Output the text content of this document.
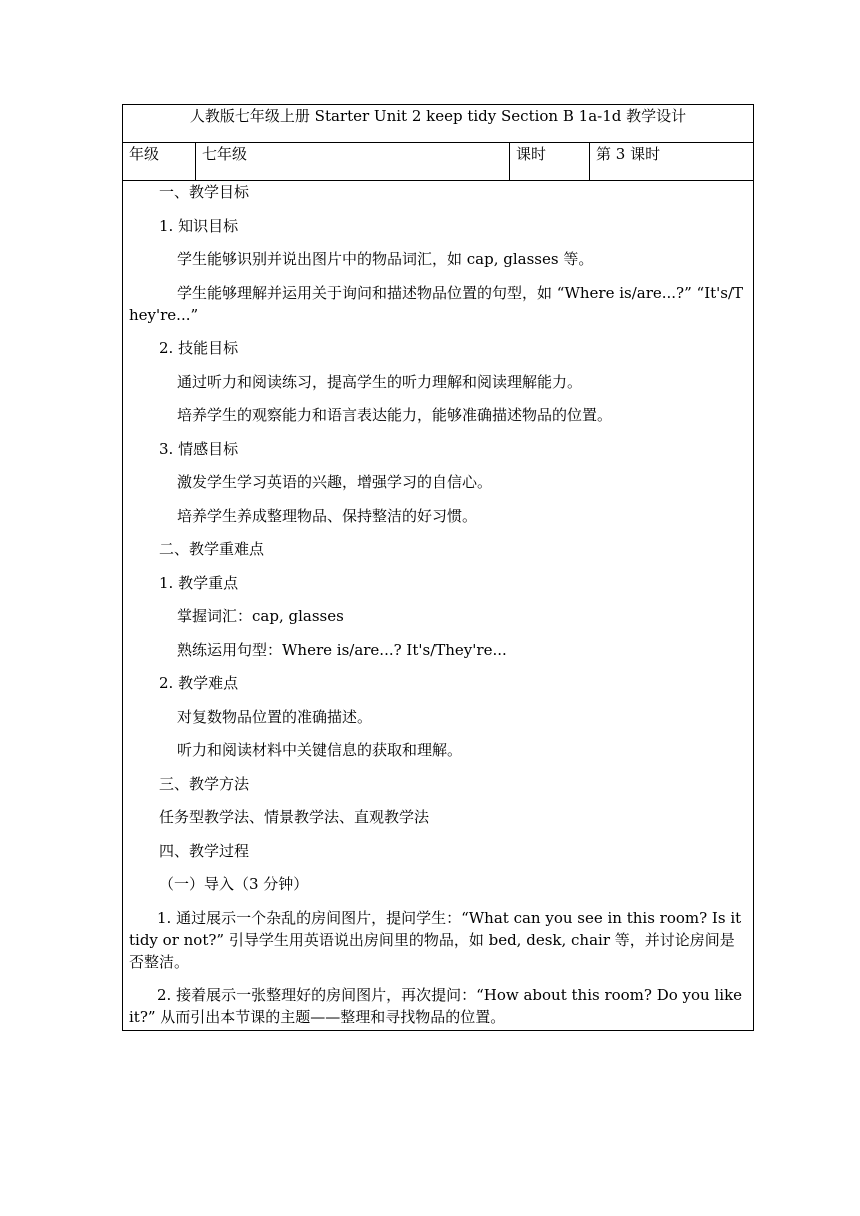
人教版七年级上册 Starter Unit 2 keep tidy Section B 1a-1d 教学设计
年级	七年级	课时	第 3 课时

一、教学目标

1. 知识目标

学生能够识别并说出图片中的物品词汇，如 cap, glasses 等。

学生能够理解并运用关于询问和描述物品位置的句型，如 “Where is/are...?” “It's/They're...”

2. 技能目标

通过听力和阅读练习，提高学生的听力理解和阅读理解能力。

培养学生的观察能力和语言表达能力，能够准确描述物品的位置。

3. 情感目标

激发学生学习英语的兴趣，增强学习的自信心。

培养学生养成整理物品、保持整洁的好习惯。

二、教学重难点

1. 教学重点

掌握词汇：cap, glasses

熟练运用句型：Where is/are...? It's/They're...

2. 教学难点

对复数物品位置的准确描述。

听力和阅读材料中关键信息的获取和理解。

三、教学方法

任务型教学法、情景教学法、直观教学法

四、教学过程

（一）导入（3 分钟）

1. 通过展示一个杂乱的房间图片，提问学生：“What can you see in this room? Is it tidy or not?” 引导学生用英语说出房间里的物品，如 bed, desk, chair 等，并讨论房间是否整洁。

2. 接着展示一张整理好的房间图片，再次提问：“How about this room? Do you like it?” 从而引出本节课的主题——整理和寻找物品的位置。
